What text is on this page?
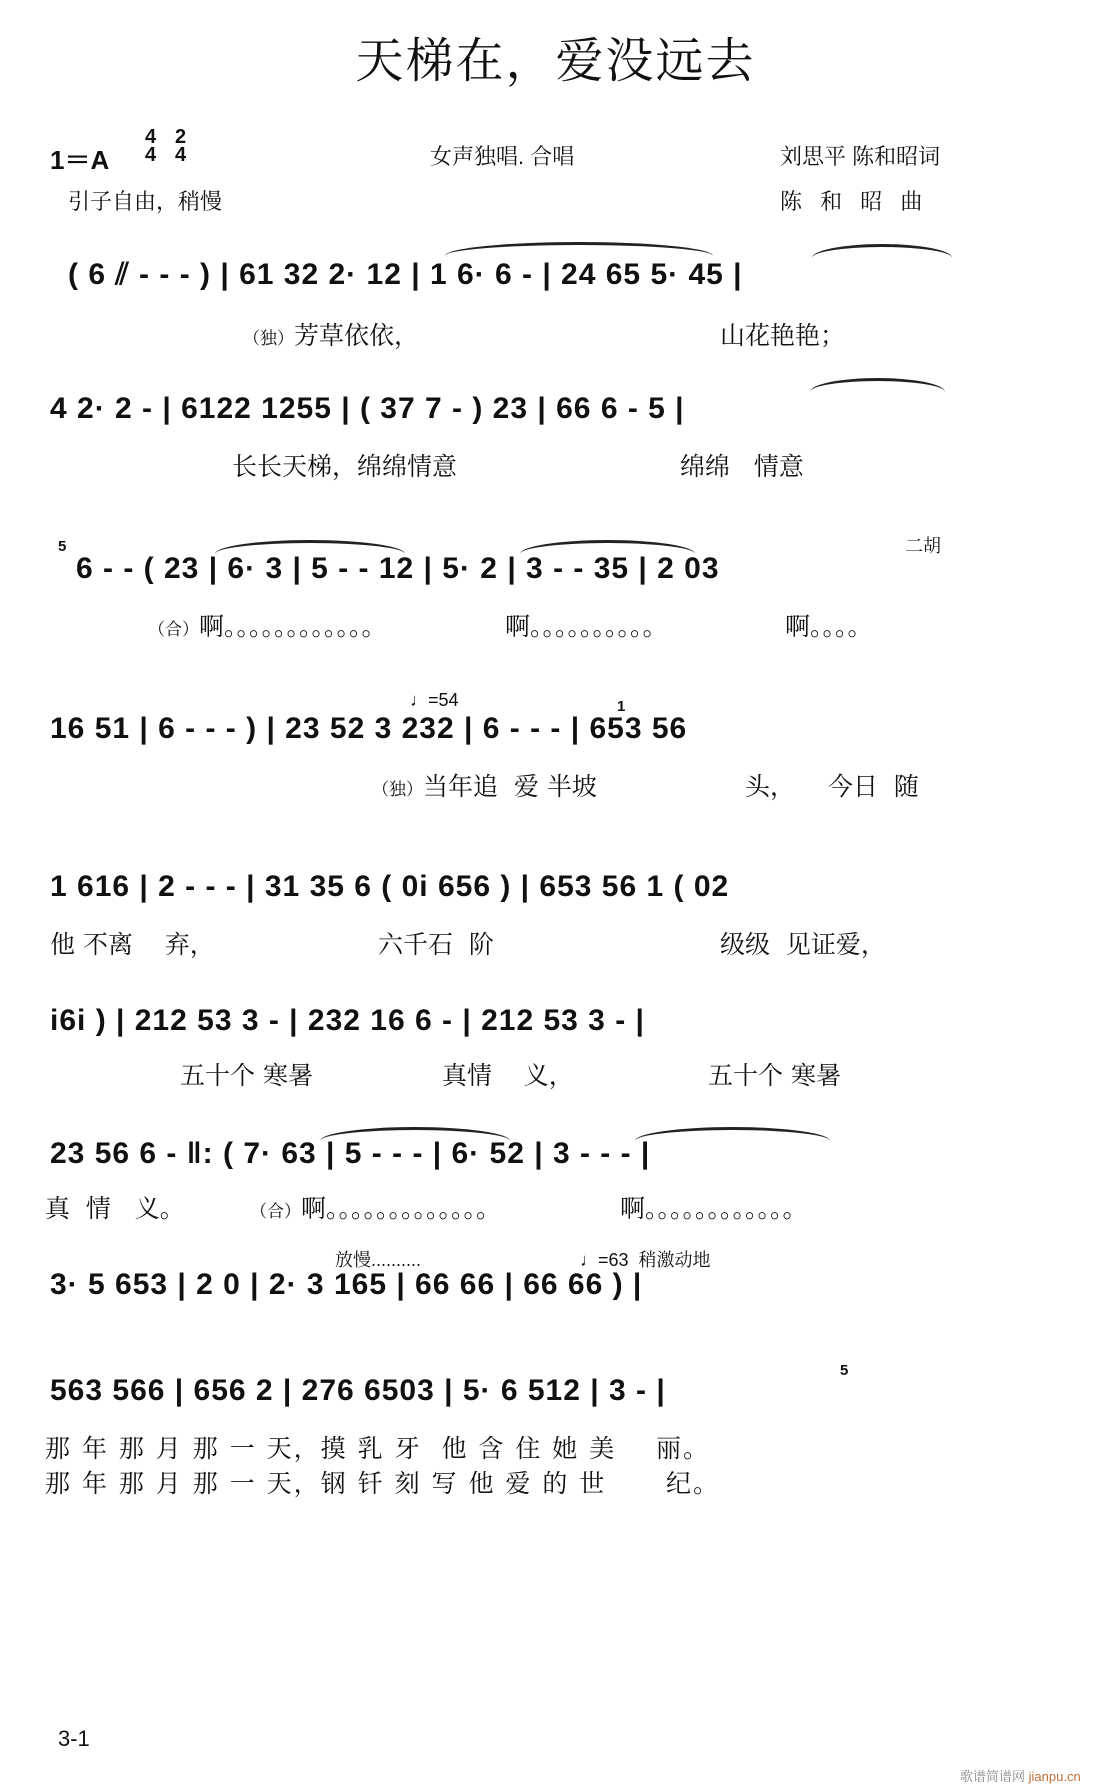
天梯在，爱没远去
1＝A
4
4
2
4	女声独唱. 合唱	刘思平 陈和昭词
引子自由，稍慢	陈 和 昭 曲
( 6 ⫽ - - - ) | 61 32 2· 12 | 1 6· 6 - | 24 65 5· 45 |
（独）芳草依依，	山花艳艳；
4 2· 2 - | 6122 1255 | ( 37 7 - ) 23 | 66 6 - 5 |
长长天梯，绵绵情意	绵绵   情意
5	二胡
6 - - ( 23 | 6· 3 | 5 - - 12 | 5· 2 | 3 - - 35 | 2 03
（合）啊。。。。。。。。。。。。	啊。。。。。。。。。。	啊。。。。
♩=54	1
16 51 | 6 - - - ) | 23 52 3 232 | 6 - - - | 653 56
（独）当年追  爱 半坡	头， 今日  随
1 616 | 2 - - - | 31 35 6 ( 0i 656 ) | 653 56 1 ( 02
他 不离    弃，	六千石  阶	级级  见证爱，
i6i ) | 212 53 3 - | 232 16 6 - | 212 53 3 - |
五十个 寒暑	真情    义，	五十个 寒暑
23 56 6 - ‖: ( 7· 63 | 5 - - - | 6· 52 | 3 - - - |
真  情   义。	（合）啊。。。。。。。。。。。。。	啊。。。。。。。。。。。。
放慢..........	♩=63  稍激动地
3· 5 653 | 2 0 | 2· 3 165 | 66 66 | 66 66 ) |
5
563 566 | 656 2 | 276 6503 | 5· 6 512 | 3 - |
那 年 那 月 那 一 天，摸 乳 牙  他 含 住 她 美    丽。
那 年 那 月 那 一 天，钢 钎 刻 写 他 爱 的 世      纪。
3-1
歌谱简谱网 jianpu.cn
